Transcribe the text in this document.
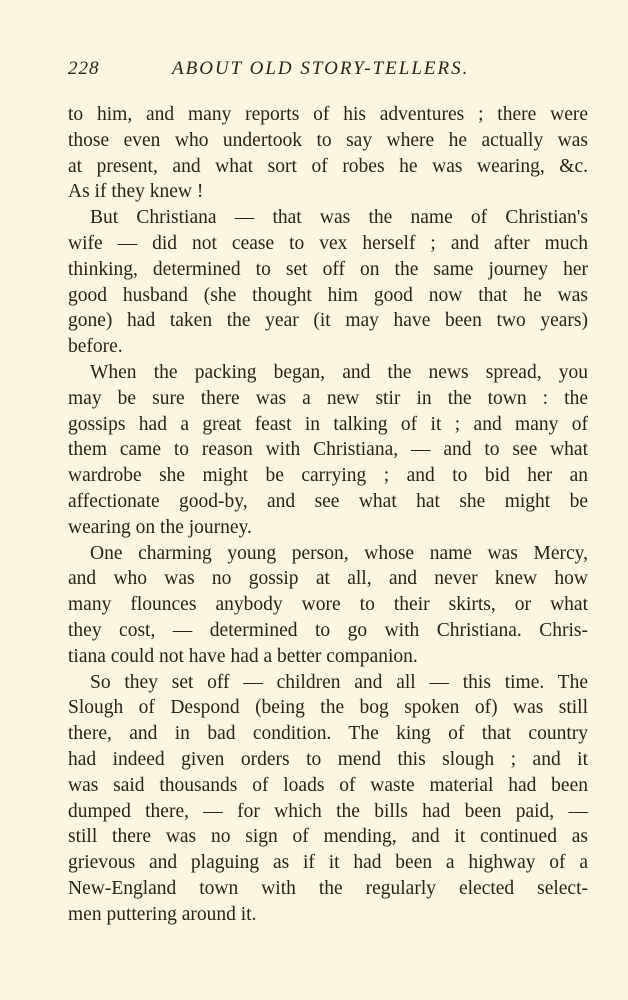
228	ABOUT OLD STORY-TELLERS.
to him, and many reports of his adventures ; there were
those even who undertook to say where he actually was
at present, and what sort of robes he was wearing, &c.
As if they knew !
But Christiana — that was the name of Christian's
wife — did not cease to vex herself ; and after much
thinking, determined to set off on the same journey her
good husband (she thought him good now that he was
gone) had taken the year (it may have been two years)
before.
When the packing began, and the news spread, you
may be sure there was a new stir in the town : the
gossips had a great feast in talking of it ; and many of
them came to reason with Christiana, — and to see what
wardrobe she might be carrying ; and to bid her an
affectionate good-by, and see what hat she might be
wearing on the journey.
One charming young person, whose name was Mercy,
and who was no gossip at all, and never knew how
many flounces anybody wore to their skirts, or what
they cost, — determined to go with Christiana. Chris-
tiana could not have had a better companion.
So they set off — children and all — this time. The
Slough of Despond (being the bog spoken of) was still
there, and in bad condition. The king of that country
had indeed given orders to mend this slough ; and it
was said thousands of loads of waste material had been
dumped there, — for which the bills had been paid, —
still there was no sign of mending, and it continued as
grievous and plaguing as if it had been a highway of a
New-England town with the regularly elected select-
men puttering around it.
